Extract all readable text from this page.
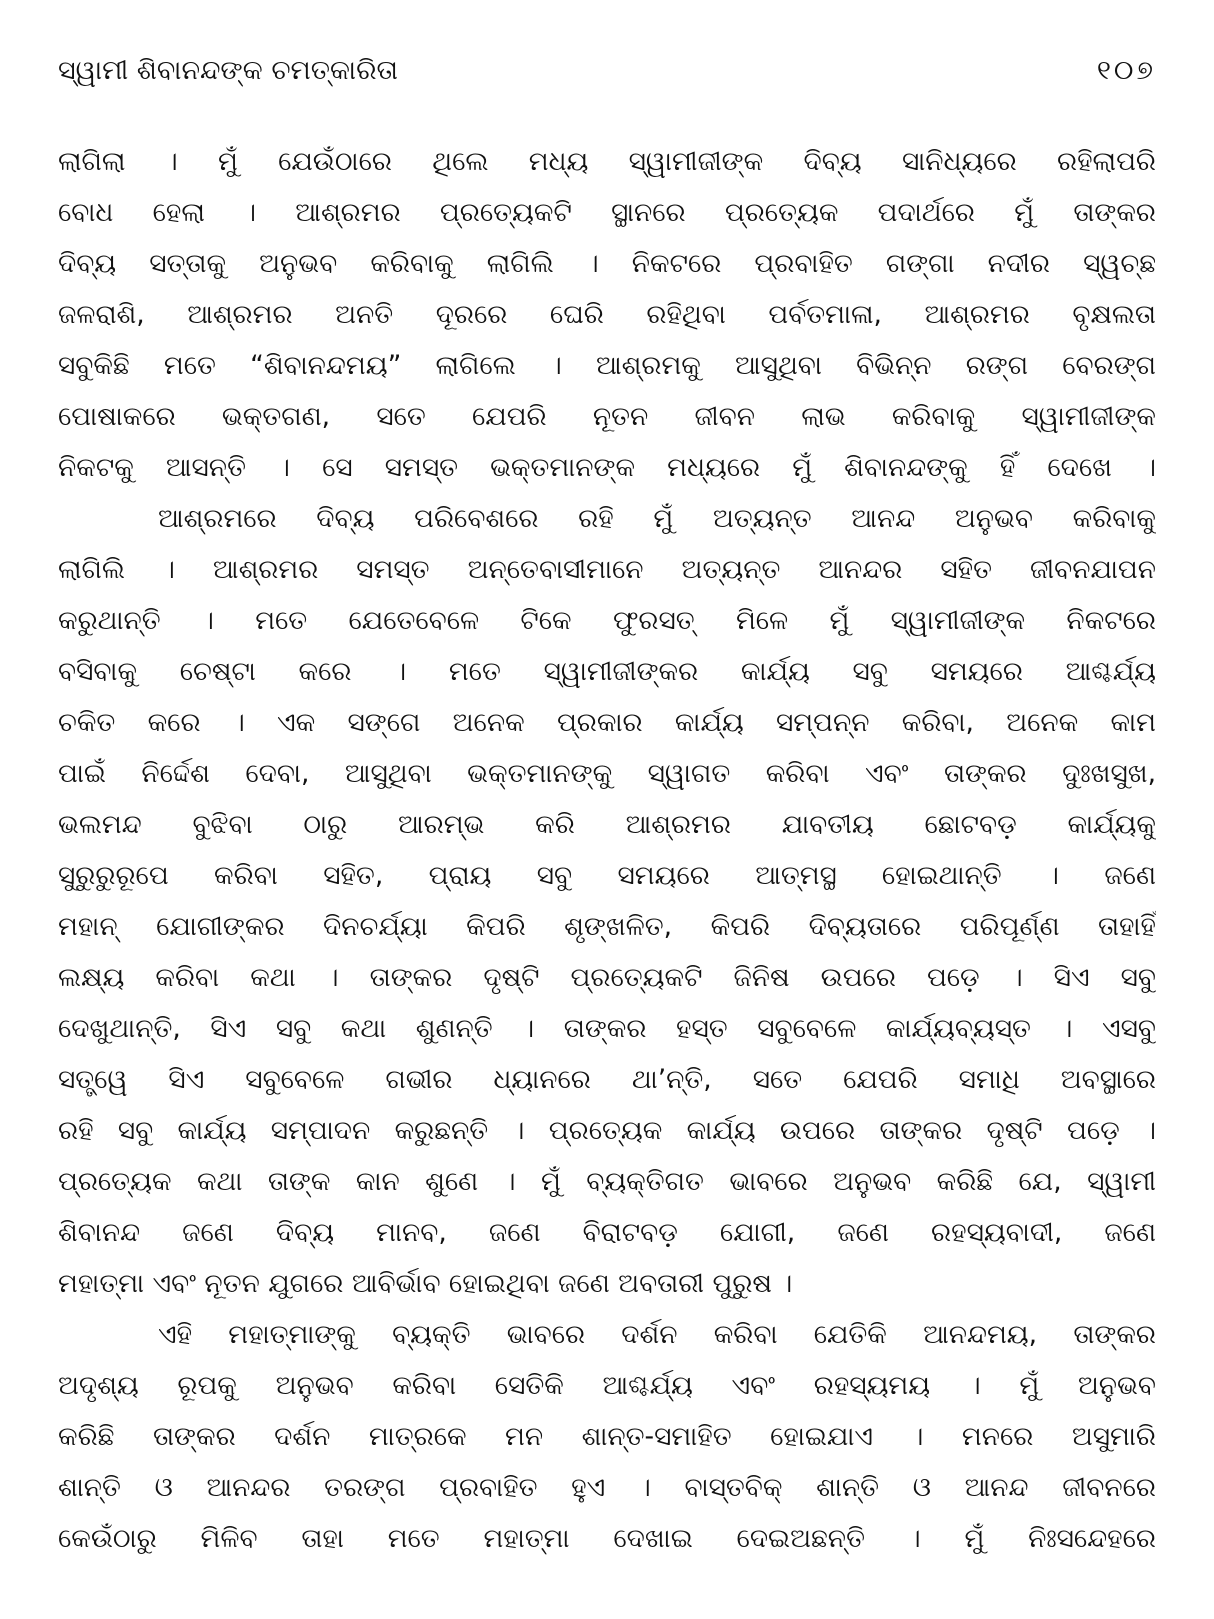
ସ୍ୱାମୀ ଶିବାନନ୍ଦଙ୍କ ଚମତ୍କାରିତା	୧୦୭
ଲାଗିଲା । ମୁଁ ଯେଉଁଠାରେ ଥିଲେ ମଧ୍ୟ ସ୍ୱାମୀଜୀଙ୍କ ଦିବ୍ୟ ସାନିଧ୍ୟରେ ରହିଲାପରି
ବୋଧ ହେଲା । ଆଶ୍ରମର ପ୍ରତ୍ୟେକଟି ସ୍ଥାନରେ ପ୍ରତ୍ୟେକ ପଦାର୍ଥରେ ମୁଁ ତାଙ୍କର
ଦିବ୍ୟ ସତ୍ତାକୁ ଅନୁଭବ କରିବାକୁ ଲାଗିଲି । ନିକଟରେ ପ୍ରବାହିତ ଗଙ୍ଗା ନଦୀର ସ୍ୱଚ୍ଛ
ଜଳରାଶି, ଆଶ୍ରମର ଅନତି ଦୂରରେ ଘେରି ରହିଥିବା ପର୍ବତମାଳା, ଆଶ୍ରମର ବୃକ୍ଷଲତା
ସବୁକିଛି ମତେ “ଶିବାନନ୍ଦମୟ” ଲାଗିଲେ । ଆଶ୍ରମକୁ ଆସୁଥିବା ବିଭିନ୍ନ ରଙ୍ଗ ବେରଙ୍ଗ
ପୋଷାକରେ ଭକ୍ତଗଣ, ସତେ ଯେପରି ନୂତନ ଜୀବନ ଲାଭ କରିବାକୁ ସ୍ୱାମୀଜୀଙ୍କ
ନିକଟକୁ ଆସନ୍ତି । ସେ ସମସ୍ତ ଭକ୍ତମାନଙ୍କ ମଧ୍ୟରେ ମୁଁ ଶିବାନନ୍ଦଙ୍କୁ ହିଁ ଦେଖେ ।
ଆଶ୍ରମରେ ଦିବ୍ୟ ପରିବେଶରେ ରହି ମୁଁ ଅତ୍ୟନ୍ତ ଆନନ୍ଦ ଅନୁଭବ କରିବାକୁ
ଲାଗିଲି । ଆଶ୍ରମର ସମସ୍ତ ଅନ୍ତେବାସୀମାନେ ଅତ୍ୟନ୍ତ ଆନନ୍ଦର ସହିତ ଜୀବନଯାପନ
କରୁଥାନ୍ତି । ମତେ ଯେତେବେଳେ ଟିକେ ଫୁରସତ୍ ମିଳେ ମୁଁ ସ୍ୱାମୀଜୀଙ୍କ ନିକଟରେ
ବସିବାକୁ ଚେଷ୍ଟା କରେ । ମତେ ସ୍ୱାମୀଜୀଙ୍କର କାର୍ଯ୍ୟ ସବୁ ସମୟରେ ଆଶ୍ଚର୍ଯ୍ୟ
ଚକିତ କରେ । ଏକ ସଙ୍ଗେ ଅନେକ ପ୍ରକାର କାର୍ଯ୍ୟ ସମ୍ପନ୍ନ କରିବା, ଅନେକ କାମ
ପାଇଁ ନିର୍ଦ୍ଦେଶ ଦେବା, ଆସୁଥିବା ଭକ୍ତମାନଙ୍କୁ ସ୍ୱାଗତ କରିବା ଏବଂ ତାଙ୍କର ଦୁଃଖସୁଖ,
ଭଲମନ୍ଦ ବୁଝିବା ଠାରୁ ଆରମ୍ଭ କରି ଆଶ୍ରମର ଯାବତୀୟ ଛୋଟବଡ଼ କାର୍ଯ୍ୟକୁ
ସୁରୁରୁରୂପେ କରିବା ସହିତ, ପ୍ରାୟ ସବୁ ସମୟରେ ଆତ୍ମସ୍ଥ ହୋଇଥାନ୍ତି । ଜଣେ
ମହାନ୍ ଯୋଗୀଙ୍କର ଦିନଚର୍ଯ୍ୟା କିପରି ଶୃଙ୍ଖଳିତ, କିପରି ଦିବ୍ୟତାରେ ପରିପୂର୍ଣ୍ଣ ତାହାହିଁ
ଲକ୍ଷ୍ୟ କରିବା କଥା । ତାଙ୍କର ଦୃଷ୍ଟି ପ୍ରତ୍ୟେକଟି ଜିନିଷ ଉପରେ ପଡ଼େ । ସିଏ ସବୁ
ଦେଖୁଥାନ୍ତି, ସିଏ ସବୁ କଥା ଶୁଣନ୍ତି । ତାଙ୍କର ହସ୍ତ ସବୁବେଳେ କାର୍ଯ୍ୟବ୍ୟସ୍ତ । ଏସବୁ
ସତ୍ତ୍ୱେ ସିଏ ସବୁବେଳେ ଗଭୀର ଧ୍ୟାନରେ ଥା’ନ୍ତି, ସତେ ଯେପରି ସମାଧି ଅବସ୍ଥାରେ
ରହି ସବୁ କାର୍ଯ୍ୟ ସମ୍ପାଦନ କରୁଛନ୍ତି । ପ୍ରତ୍ୟେକ କାର୍ଯ୍ୟ ଉପରେ ତାଙ୍କର ଦୃଷ୍ଟି ପଡ଼େ ।
ପ୍ରତ୍ୟେକ କଥା ତାଙ୍କ କାନ ଶୁଣେ । ମୁଁ ବ୍ୟକ୍ତିଗତ ଭାବରେ ଅନୁଭବ କରିଛି ଯେ, ସ୍ୱାମୀ
ଶିବାନନ୍ଦ ଜଣେ ଦିବ୍ୟ ମାନବ, ଜଣେ ବିରାଟବଡ଼ ଯୋଗୀ, ଜଣେ ରହସ୍ୟବାଦୀ, ଜଣେ
ମହାତ୍ମା ଏବଂ ନୂତନ ଯୁଗରେ ଆବିର୍ଭାବ ହୋଇଥିବା ଜଣେ ଅବତାରୀ ପୁରୁଷ ।
ଏହି ମହାତ୍ମାଙ୍କୁ ବ୍ୟକ୍ତି ଭାବରେ ଦର୍ଶନ କରିବା ଯେତିକି ଆନନ୍ଦମୟ, ତାଙ୍କର
ଅଦୃଶ୍ୟ ରୂପକୁ ଅନୁଭବ କରିବା ସେତିକି ଆଶ୍ଚର୍ଯ୍ୟ ଏବଂ ରହସ୍ୟମୟ । ମୁଁ ଅନୁଭବ
କରିଛି ତାଙ୍କର ଦର୍ଶନ ମାତ୍ରକେ ମନ ଶାନ୍ତ-ସମାହିତ ହୋଇଯାଏ । ମନରେ ଅସୁମାରି
ଶାନ୍ତି ଓ ଆନନ୍ଦର ତରଙ୍ଗ ପ୍ରବାହିତ ହୁଏ । ବାସ୍ତବିକ୍ ଶାନ୍ତି ଓ ଆନନ୍ଦ ଜୀବନରେ
କେଉଁଠାରୁ ମିଳିବ ତାହା ମତେ ମହାତ୍ମା ଦେଖାଇ ଦେଇଅଛନ୍ତି । ମୁଁ ନିଃସନ୍ଦେହରେ
